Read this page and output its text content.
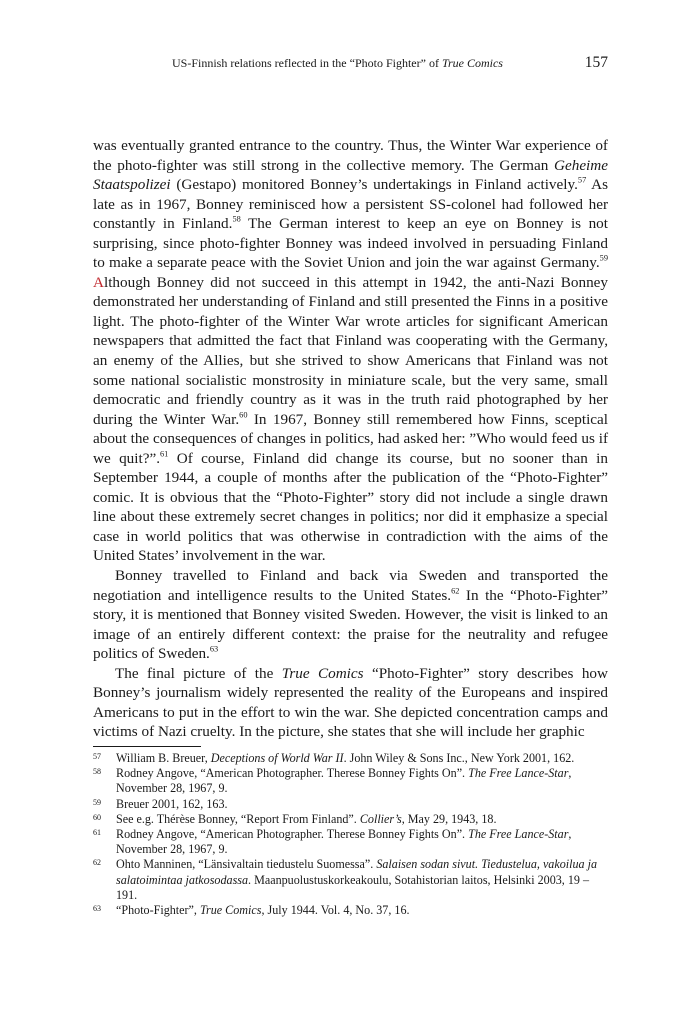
US-Finnish relations reflected in the “Photo Fighter” of True Comics	157

was eventually granted entrance to the country. Thus, the Winter War experience of the photo-fighter was still strong in the collective memory. The German Geheime Staatspolizei (Gestapo) monitored Bonney’s undertakings in Finland actively.$^{57}$ As late as in 1967, Bonney reminisced how a persistent SS-colonel had followed her constantly in Finland.$^{58}$ The German interest to keep an eye on Bonney is not surprising, since photo-fighter Bonney was indeed involved in persuading Finland to make a separate peace with the Soviet Union and join the war against Germany.$^{59}$ Although Bonney did not succeed in this attempt in 1942, the anti-Nazi Bonney demonstrated her understanding of Finland and still presented the Finns in a positive light. The photo-fighter of the Winter War wrote articles for significant American newspapers that admitted the fact that Finland was cooperating with the Germany, an enemy of the Allies, but she strived to show Americans that Finland was not some national socialistic monstrosity in miniature scale, but the very same, small democratic and friendly country as it was in the truth raid photographed by her during the Winter War.$^{60}$ In 1967, Bonney still remembered how Finns, sceptical about the consequences of changes in politics, had asked her: ”Who would feed us if we quit?”.$^{61}$ Of course, Finland did change its course, but no sooner than in September 1944, a couple of months after the publication of the “Photo-Fighter” comic. It is obvious that the “Photo-Fighter” story did not include a single drawn line about these extremely secret changes in politics; nor did it emphasize a special case in world politics that was otherwise in contradiction with the aims of the United States’ involvement in the war.

Bonney travelled to Finland and back via Sweden and transported the negotiation and intelligence results to the United States.$^{62}$ In the “Photo-Fighter” story, it is mentioned that Bonney visited Sweden. However, the visit is linked to an image of an entirely different context: the praise for the neutrality and refugee politics of Sweden.$^{63}$

The final picture of the True Comics “Photo-Fighter” story describes how Bonney’s journalism widely represented the reality of the Europeans and inspired Americans to put in the effort to win the war. She depicted concentration camps and victims of Nazi cruelty. In the picture, she states that she will include her graphic

57 William B. Breuer, Deceptions of World War II. John Wiley & Sons Inc., New York 2001, 162.

58 Rodney Angove, “American Photographer. Therese Bonney Fights On”. The Free Lance-Star, November 28, 1967, 9.

59 Breuer 2001, 162, 163.

60 See e.g. Thérèse Bonney, “Report From Finland”. Collier’s, May 29, 1943, 18.

61 Rodney Angove, “American Photographer. Therese Bonney Fights On”. The Free Lance-Star, November 28, 1967, 9.

62 Ohto Manninen, “Länsivaltain tiedustelu Suomessa”. Salaisen sodan sivut. Tiedustelua, vakoilua ja salatoimintaa jatkosodassa. Maanpuolustuskorkeakoulu, Sotahistorian laitos, Helsinki 2003, 19 –191.

63 “Photo-Fighter”, True Comics, July 1944. Vol. 4, No. 37, 16.
